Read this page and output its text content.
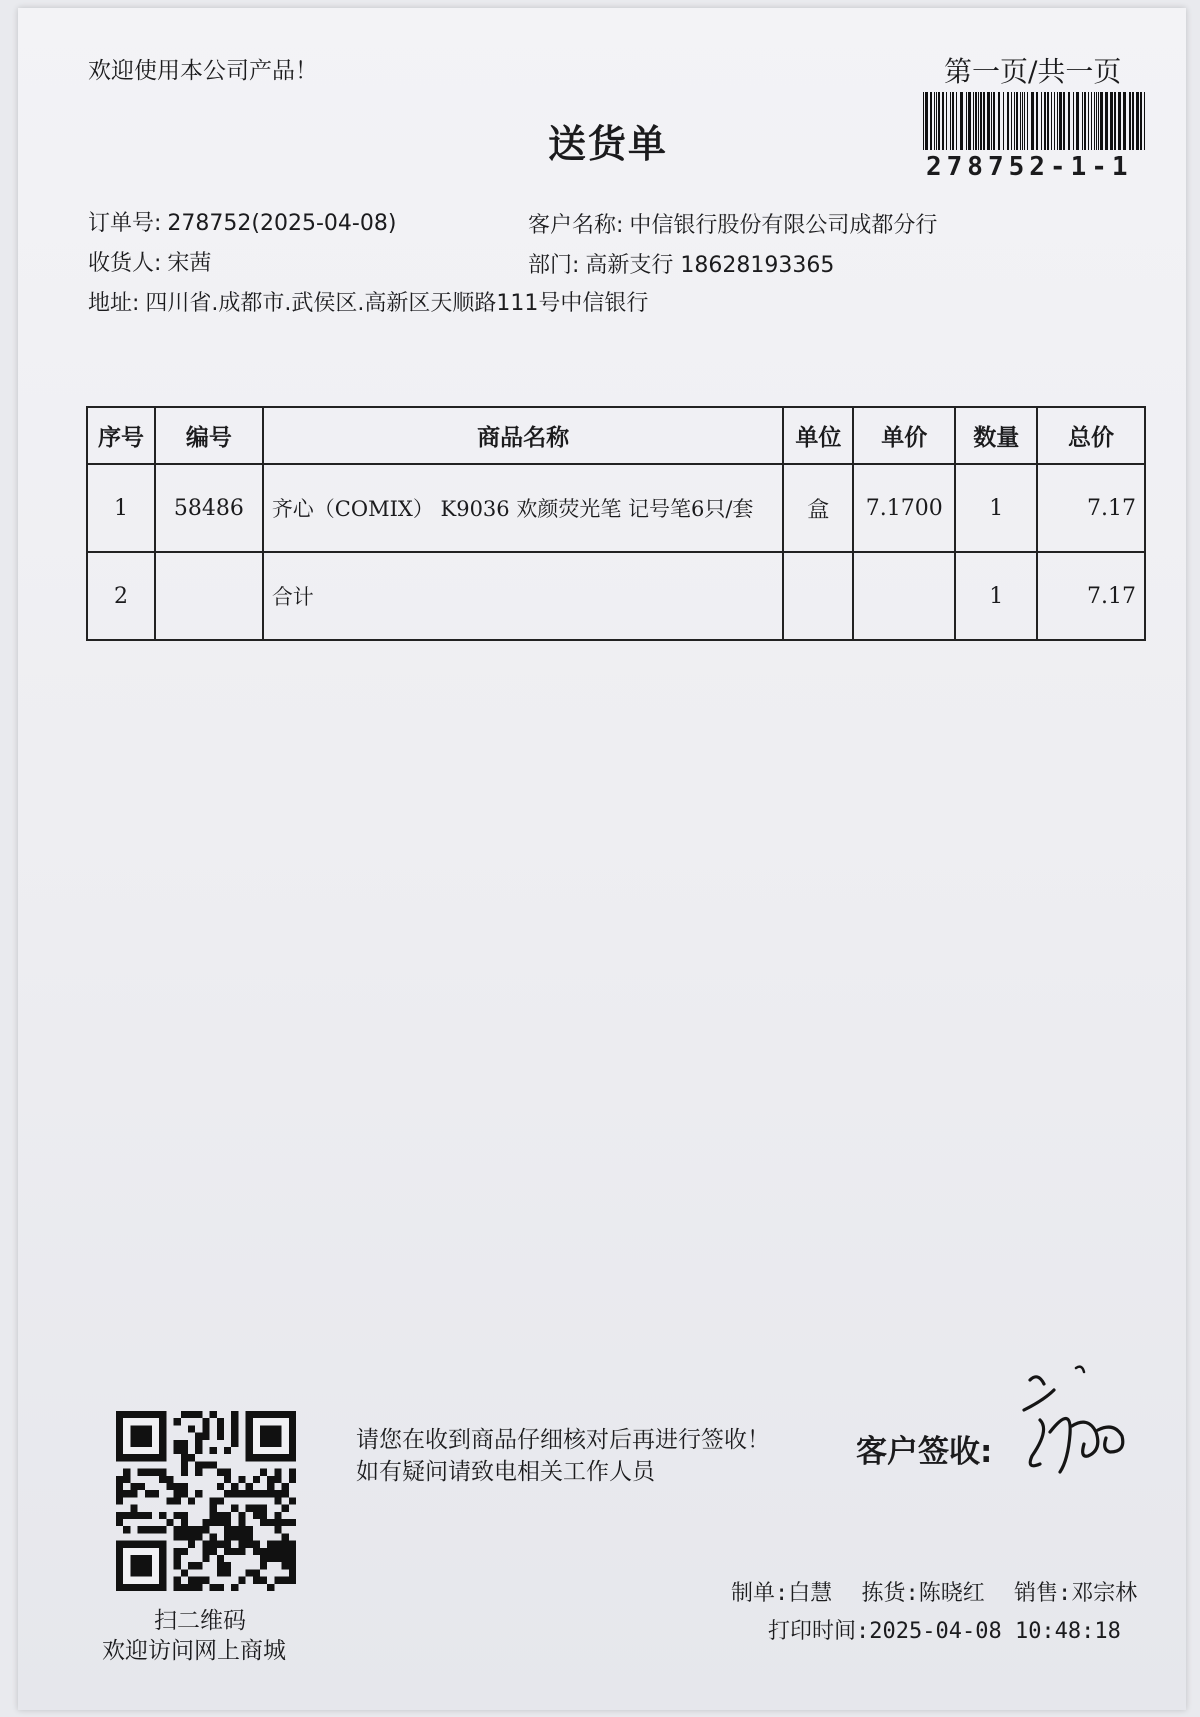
欢迎使用本公司产品！
送货单
第一页/共一页
278752-1-1
订单号: 278752(2025-04-08)
收货人: 宋茜
地址: 四川省.成都市.武侯区.高新区天顺路111号中信银行
客户名称: 中信银行股份有限公司成都分行
部门: 高新支行 18628193365
序号	编号	商品名称	单位	单价	数量	总价
1	58486	齐心（COMIX） K9036 欢颜荧光笔 记号笔6只/套	盒	7.1700	1	7.17
2		合计			1	7.17
扫二维码
欢迎访问网上商城
请您在收到商品仔细核对后再进行签收！如有疑问请致电相关工作人员
客户签收:
制单:白慧 拣货:陈晓红 销售:邓宗林
打印时间:2025-04-08 10:48:18
